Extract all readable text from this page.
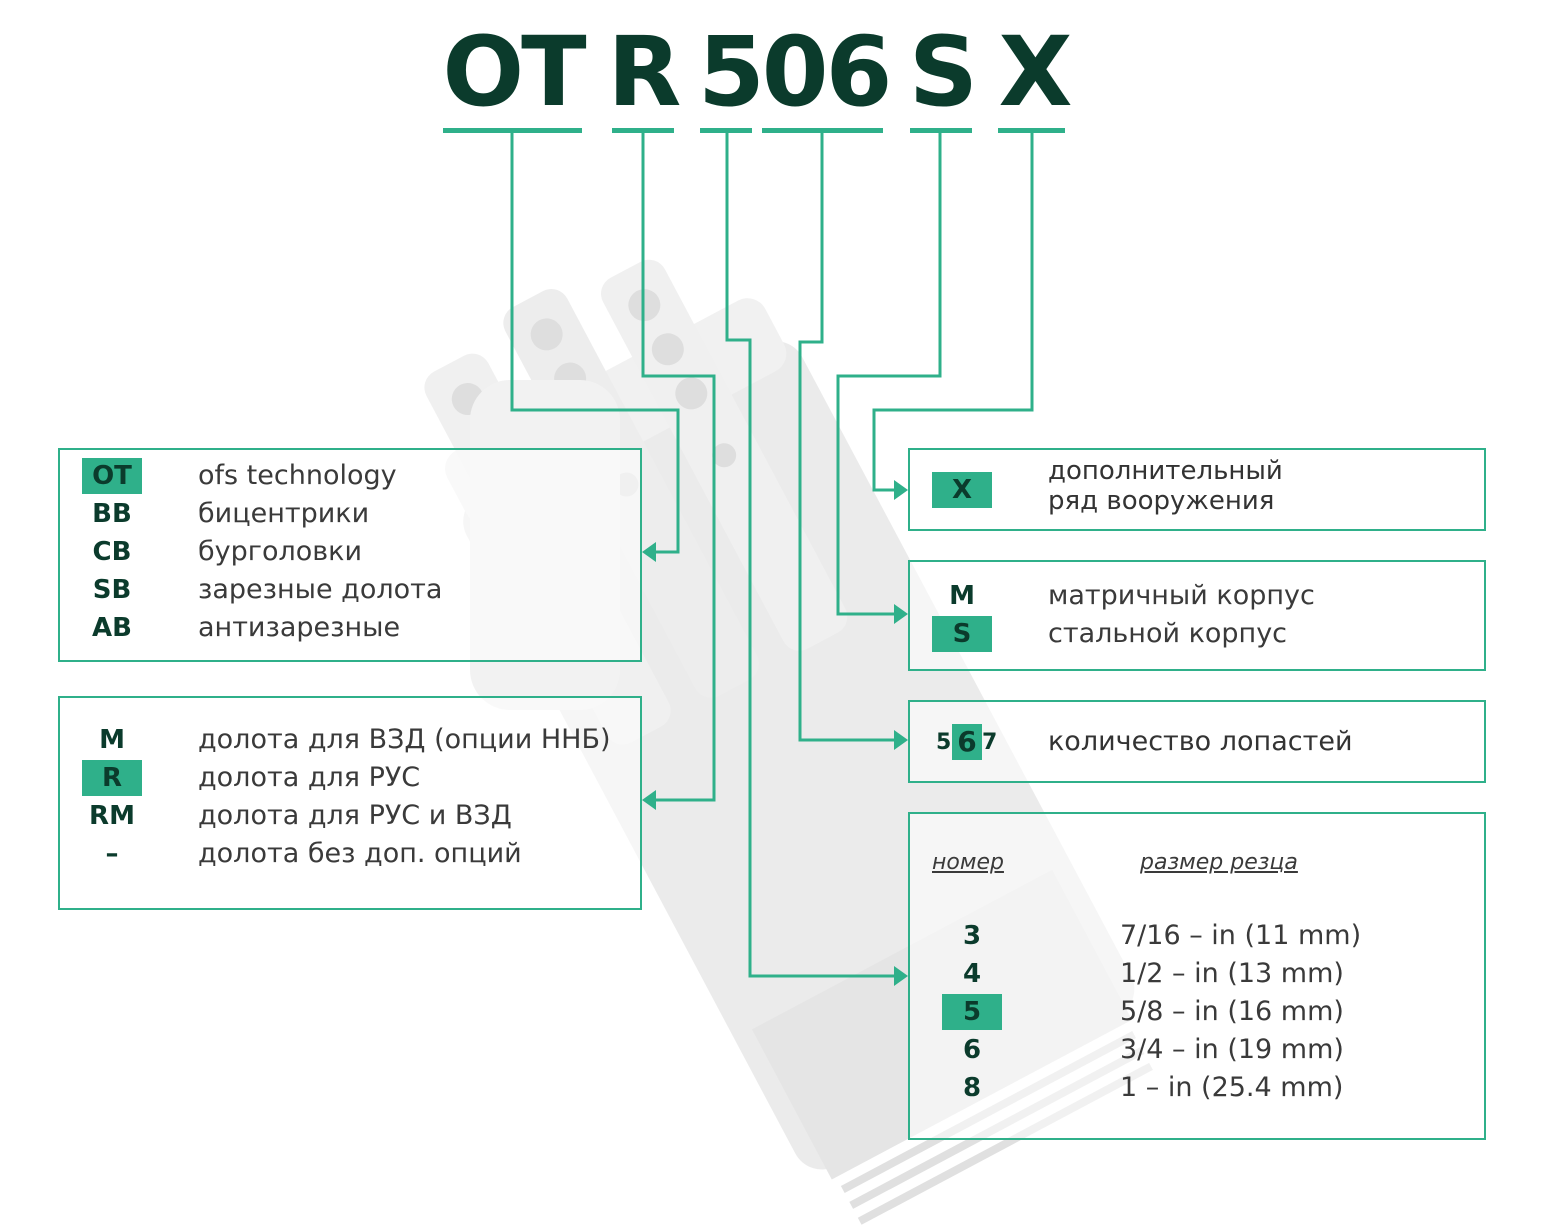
OT R 506 S X
OT	ofs technology
BB	бицентрики
CB	бурголовки
SB	зарезные долота
AB	антизарезные
M	долота для ВЗД (опции ННБ)
R	долота для РУС
RM долота для РУС и ВЗД
–	долота без доп. опций
X
дополнительный
ряд вооружения
M	матричный корпус
S	стальной корпус
5 6 7 количество лопастей
номер	размер резца
3	7/16 – in (11 mm)
4	1/2 – in (13 mm)
5	5/8 – in (16 mm)
6	3/4 – in (19 mm)
8	1 – in (25.4 mm)
